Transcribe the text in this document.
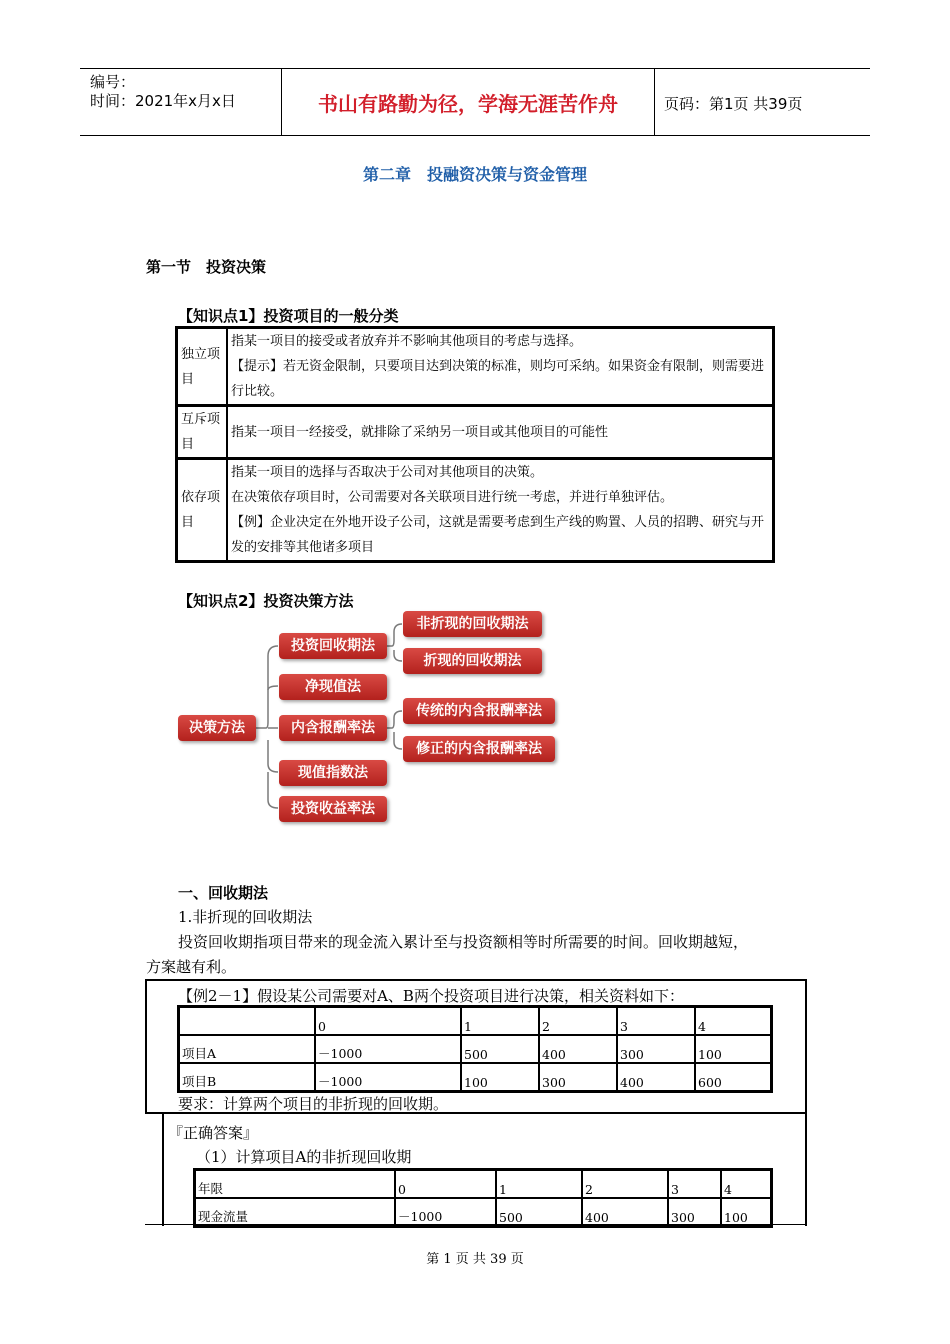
编号：
时间：2021年x月x日	书山有路勤为径，学海无涯苦作舟	页码：第1页 共39页
第二章　投融资决策与资金管理
第一节　投资决策
【知识点1】投资项目的一般分类
独立项目	指某一项目的接受或者放弃并不影响其他项目的考虑与选择。
【提示】若无资金限制，只要项目达到决策的标准，则均可采纳。如果资金有限制，则需要进行比较。

互斥项目	指某一项目一经接受，就排除了采纳另一项目或其他项目的可能性

依存项目	指某一项目的选择与否取决于公司对其他项目的决策。
在决策依存项目时，公司需要对各关联项目进行统一考虑，并进行单独评估。
【例】企业决定在外地开设子公司，这就是需要考虑到生产线的购置、人员的招聘、研究与开发的安排等其他诸多项目
【知识点2】投资决策方法
决策方法
投资回收期法
净现值法
内含报酬率法
现值指数法
投资收益率法
非折现的回收期法
折现的回收期法
传统的内含报酬率法
修正的内含报酬率法
一、回收期法
1.非折现的回收期法
投资回收期指项目带来的现金流入累计至与投资额相等时所需要的时间。回收期越短，
方案越有利。
【例2－1】假设某公司需要对A、B两个投资项目进行决策，相关资料如下：
	0	1	2	3	4
项目A	－1000	500	400	300	100
项目B	－1000	100	300	400	600
要求：计算两个项目的非折现的回收期。
『正确答案』
（1）计算项目A的非折现回收期
年限	0	1	2	3	4
现金流量	－1000	500	400	300	100
第 1 页 共 39 页
